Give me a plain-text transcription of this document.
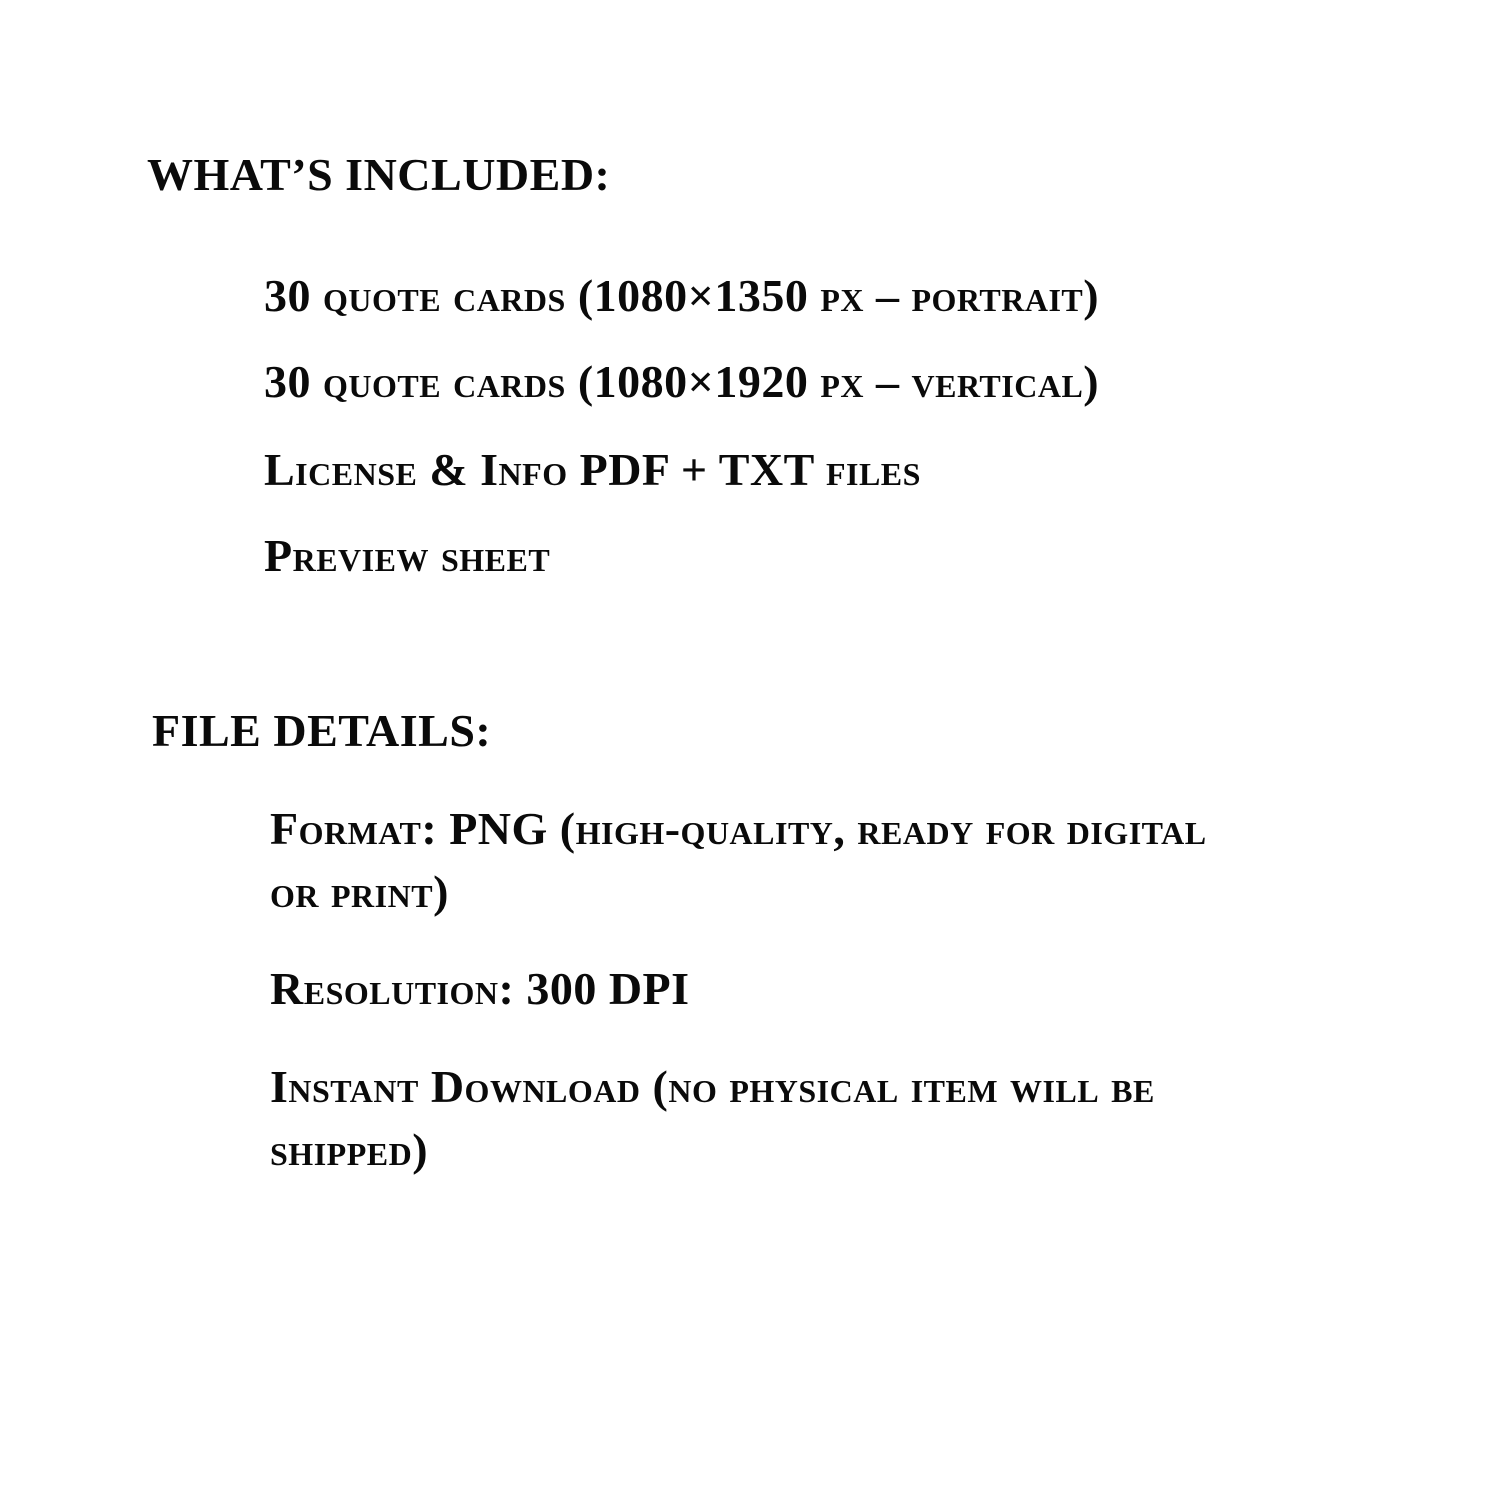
WHAT’S INCLUDED:
30 quote cards (1080×1350 px – portrait)
30 quote cards (1080×1920 px – vertical)
License & Info PDF + TXT files
Preview sheet
FILE DETAILS:
Format: PNG (high-quality, ready for digital
or print)
Resolution: 300 DPI
Instant Download (no physical item will be
shipped)
